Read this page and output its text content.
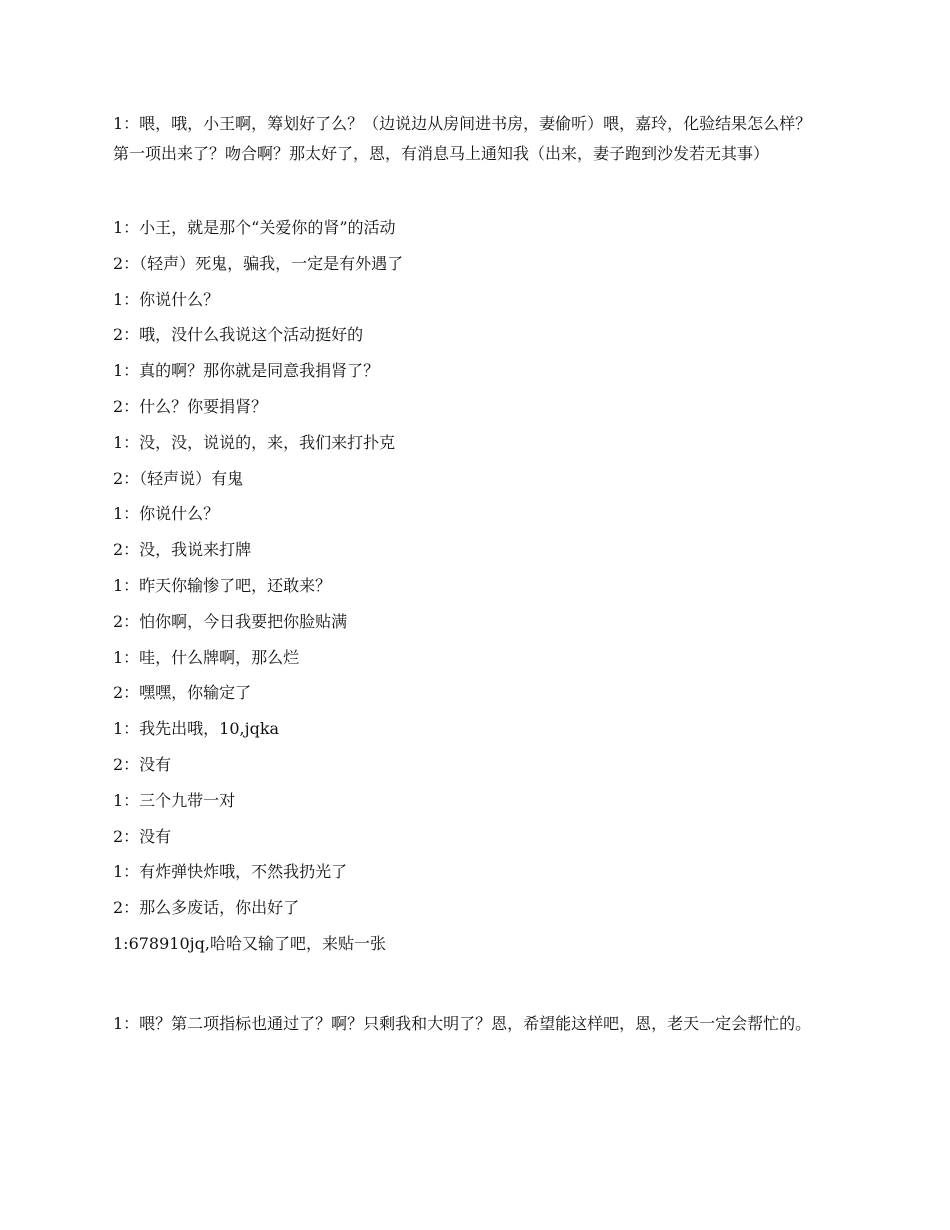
1：喂，哦，小王啊，筹划好了么？（边说边从房间进书房，妻偷听）喂，嘉玲，化验结果怎么样？

第一项出来了？吻合啊？那太好了，恩，有消息马上通知我（出来，妻子跑到沙发若无其事）

1：小王，就是那个“关爱你的肾”的活动
2：（轻声）死鬼，骗我，一定是有外遇了
1：你说什么？
2：哦，没什么我说这个活动挺好的
1：真的啊？那你就是同意我捐肾了？
2：什么？你要捐肾？
1：没，没，说说的，来，我们来打扑克
2：（轻声说）有鬼
1：你说什么？
2：没，我说来打牌
1：昨天你输惨了吧，还敢来？
2：怕你啊，今日我要把你脸贴满
1：哇，什么牌啊，那么烂
2：嘿嘿，你输定了
1：我先出哦，10,jqka
2：没有
1：三个九带一对
2：没有
1：有炸弹快炸哦，不然我扔光了
2：那么多废话，你出好了
1:678910jq,哈哈又输了吧，来贴一张

1：喂？第二项指标也通过了？啊？只剩我和大明了？恩，希望能这样吧，恩，老天一定会帮忙的。
